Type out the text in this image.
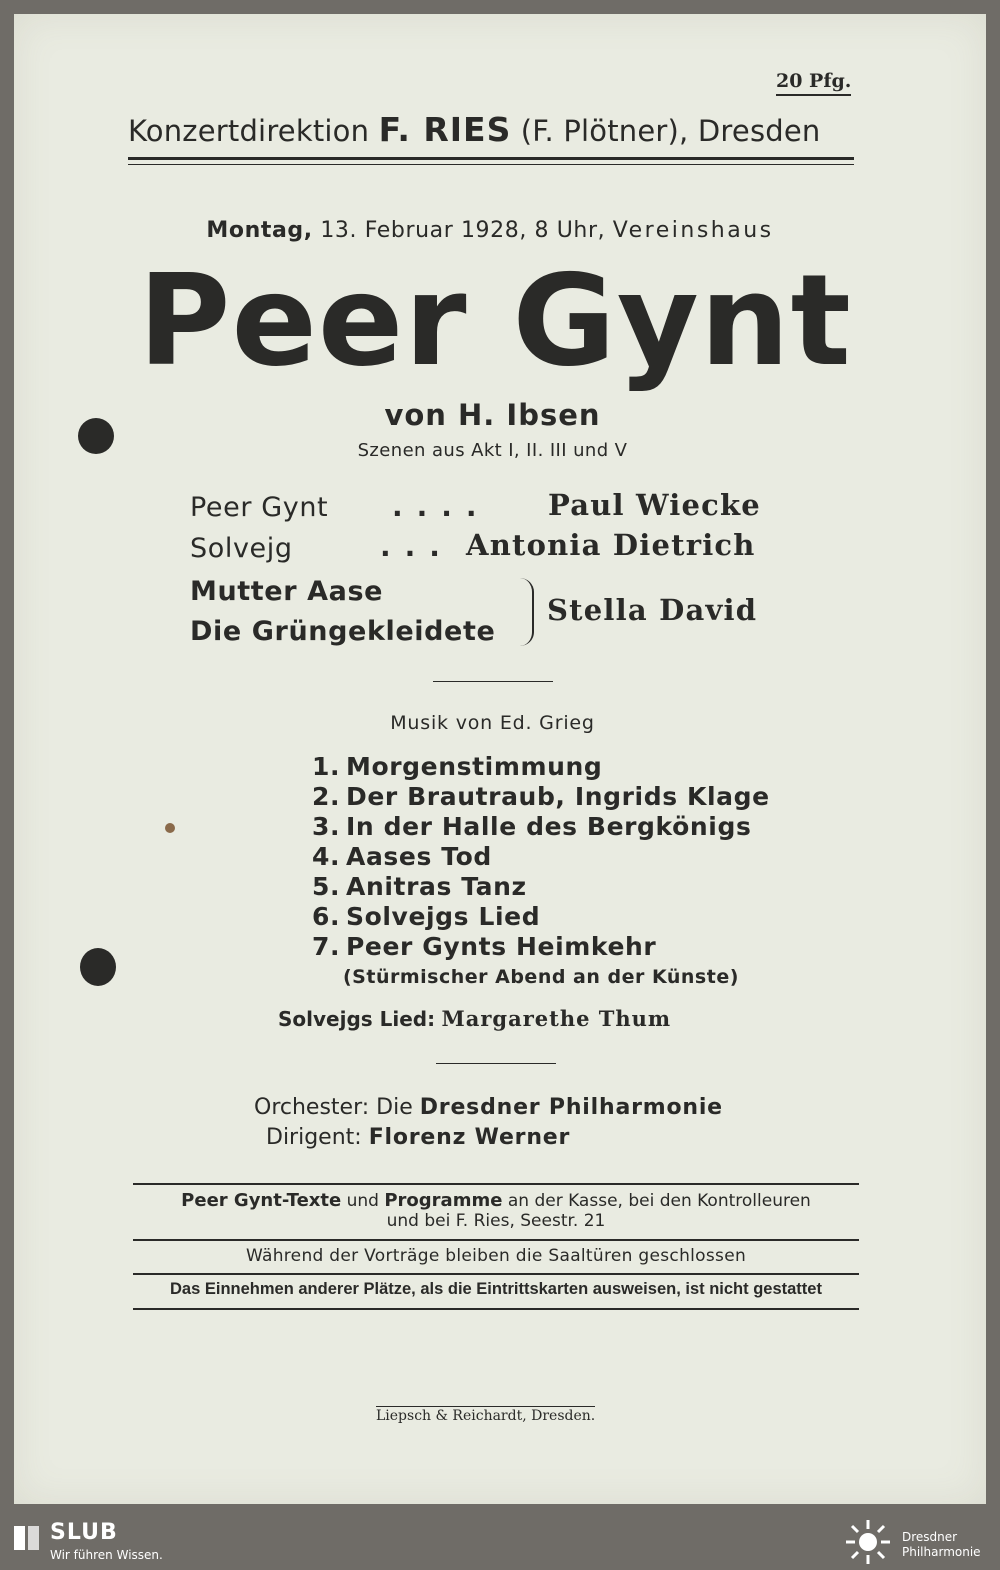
20 Pfg.
Konzertdirektion F. RIES (F. Plötner), Dresden
Montag, 13. Februar 1928, 8 Uhr, Vereinshaus
Peer Gynt
von H. Ibsen
Szenen aus Akt I, II. III und V
Peer Gynt .... Paul Wiecke
Solvejg	... Antonia Dietrich
Mutter Aase
Die Grüngekleidete
Stella David
Musik von Ed. Grieg
1. Morgenstimmung
2. Der Brautraub, Ingrids Klage
3. In der Halle des Bergkönigs
4. Aases Tod
5. Anitras Tanz
6. Solvejgs Lied
7. Peer Gynts Heimkehr
(Stürmischer Abend an der Künste)
Solvejgs Lied: Margarethe Thum
Orchester: Die Dresdner Philharmonie
Dirigent: Florenz Werner
Peer Gynt-Texte und Programme an der Kasse, bei den Kontrolleuren
und bei F. Ries, Seestr. 21
Während der Vorträge bleiben die Saaltüren geschlossen
Das Einnehmen anderer Plätze, als die Eintrittskarten ausweisen, ist nicht gestattet
Liepsch & Reichardt, Dresden.
SLUB
Wir führen Wissen.
Dresdner
Philharmonie
